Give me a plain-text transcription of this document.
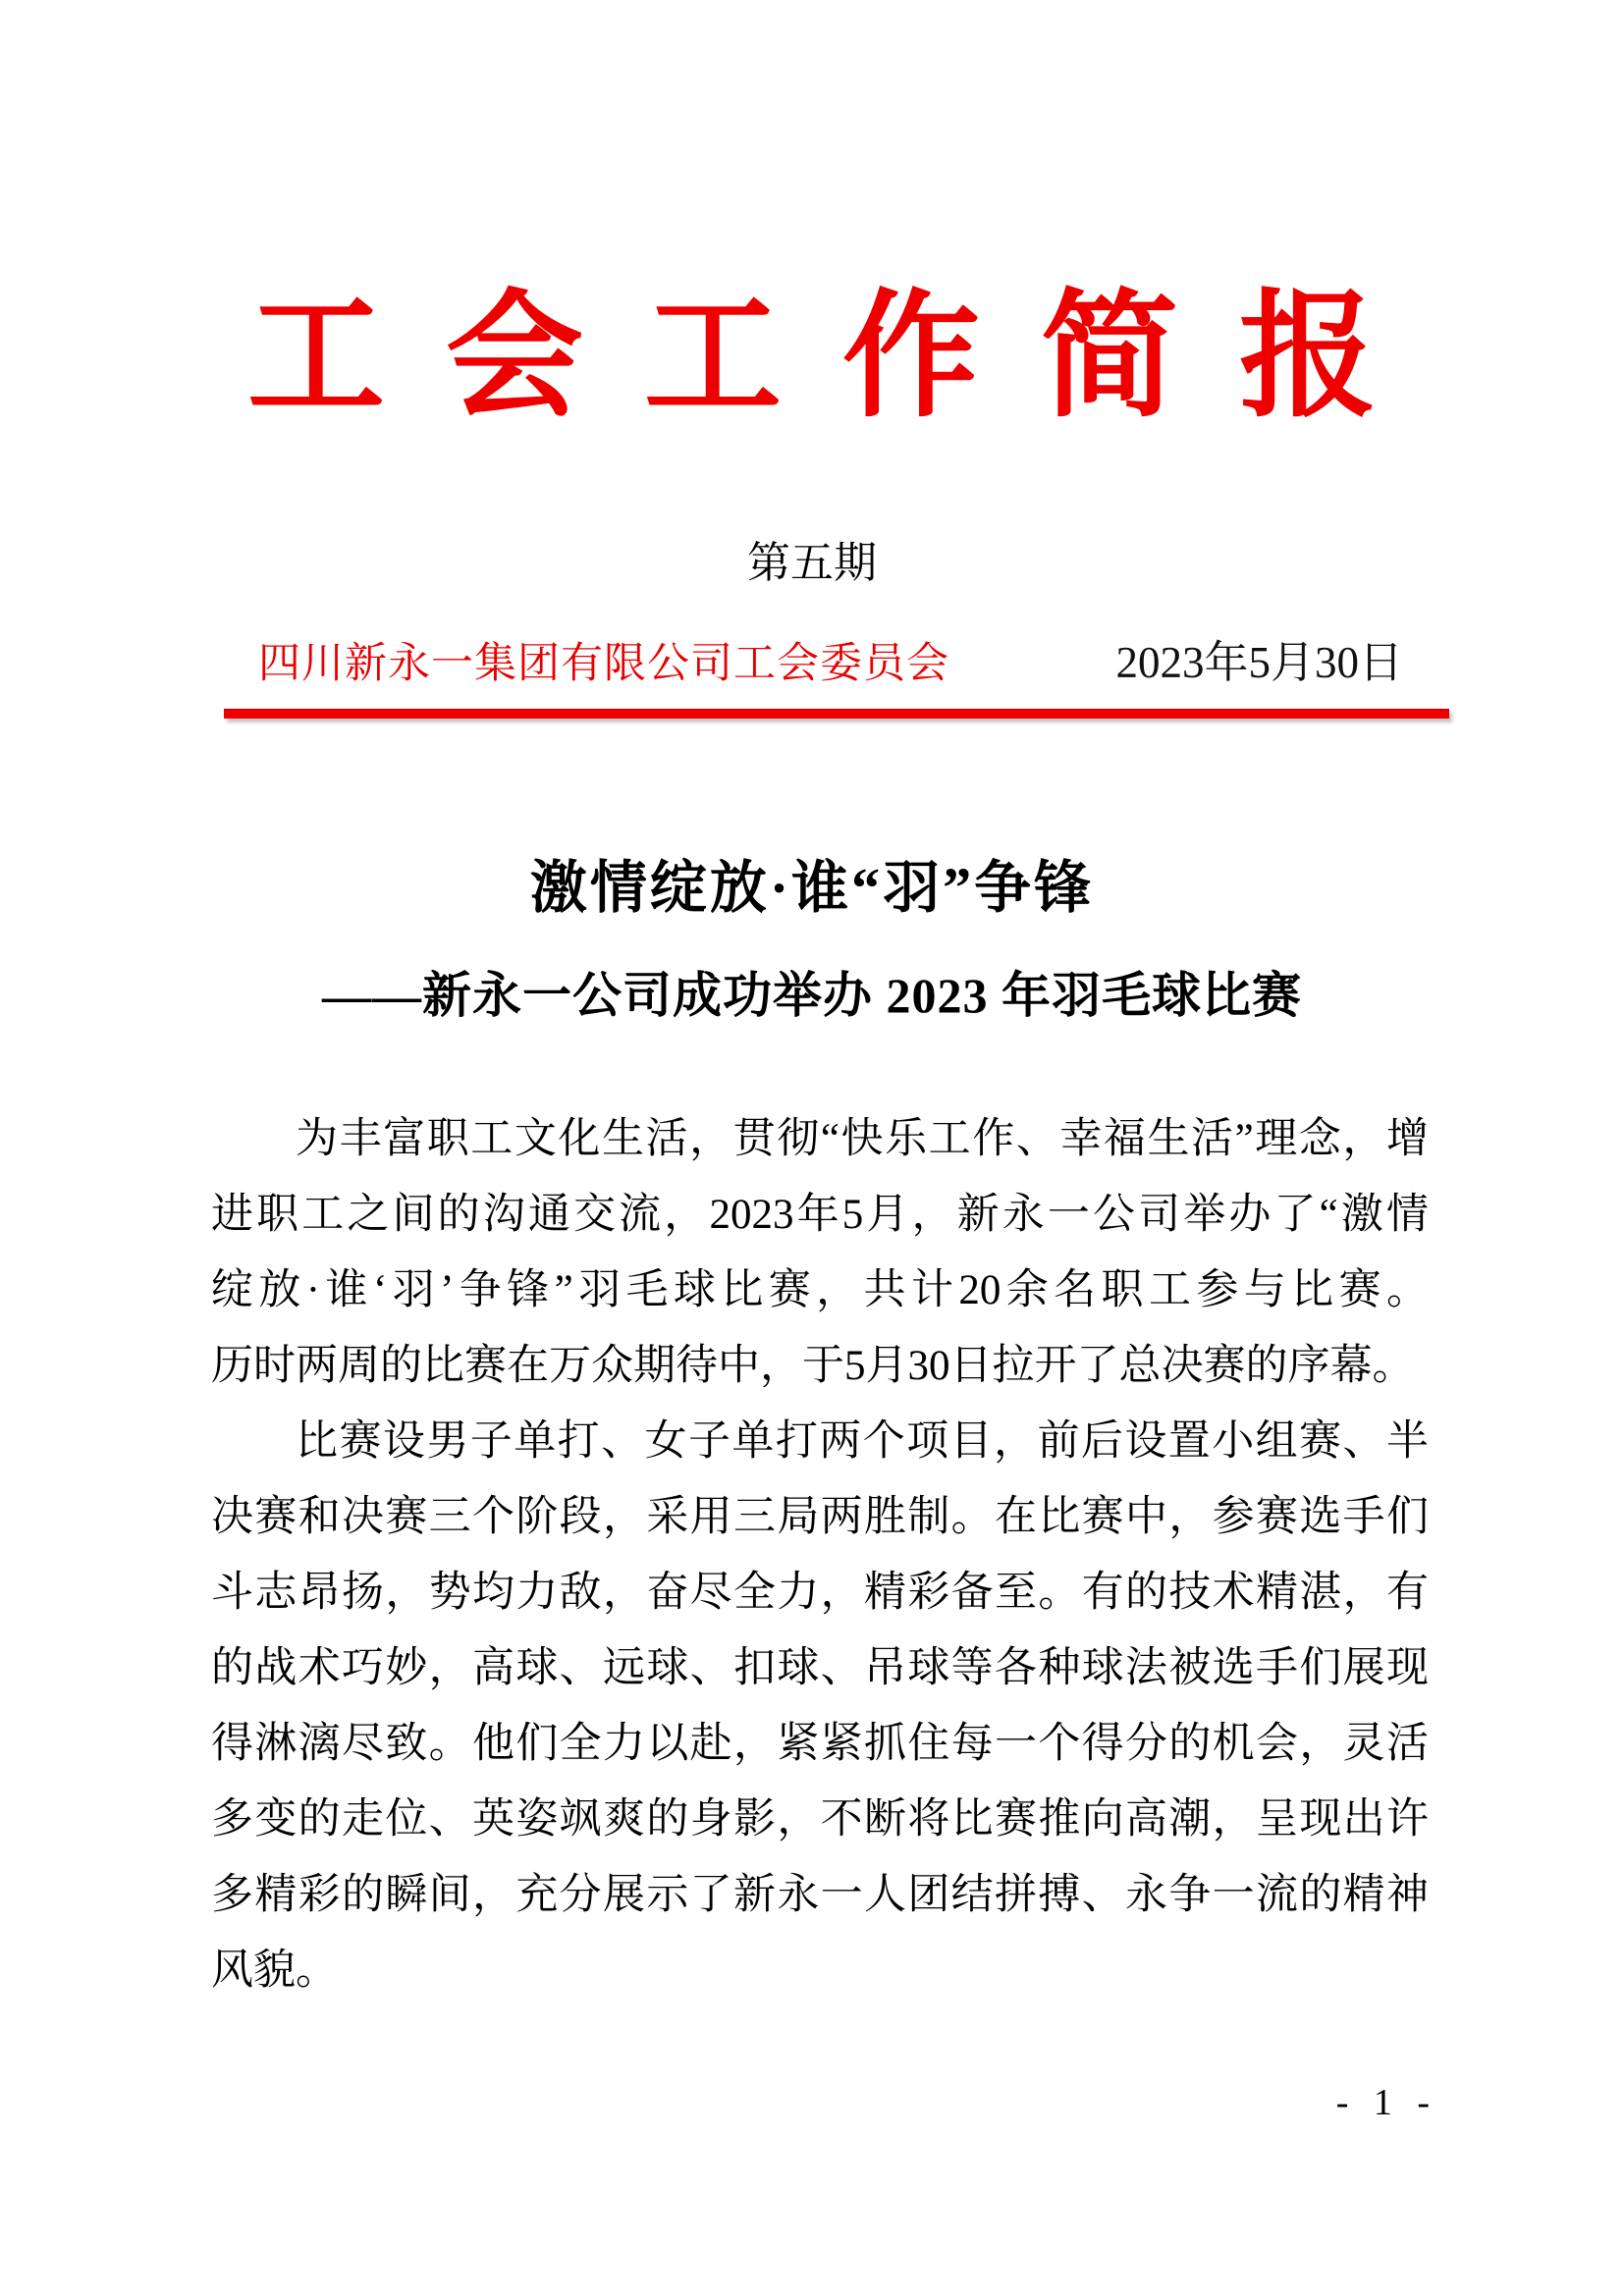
工会工作简报
第五期
四川新永一集团有限公司工会委员会	2023年5月30日
激情绽放·谁“羽”争锋
——新永一公司成功举办 2023 年羽毛球比赛
为丰富职工文化生活，贯彻“快乐工作、幸福生活”理念，增
进职工之间的沟通交流，2023年5月，新永一公司举办了“激情
绽放·谁‘羽’争锋”羽毛球比赛，共计20余名职工参与比赛。
历时两周的比赛在万众期待中，于5月30日拉开了总决赛的序幕。
比赛设男子单打、女子单打两个项目，前后设置小组赛、半
决赛和决赛三个阶段，采用三局两胜制。在比赛中，参赛选手们
斗志昂扬，势均力敌，奋尽全力，精彩备至。有的技术精湛，有
的战术巧妙，高球、远球、扣球、吊球等各种球法被选手们展现
得淋漓尽致。他们全力以赴，紧紧抓住每一个得分的机会，灵活
多变的走位、英姿飒爽的身影，不断将比赛推向高潮，呈现出许
多精彩的瞬间，充分展示了新永一人团结拼搏、永争一流的精神
风貌。
- 1 -
